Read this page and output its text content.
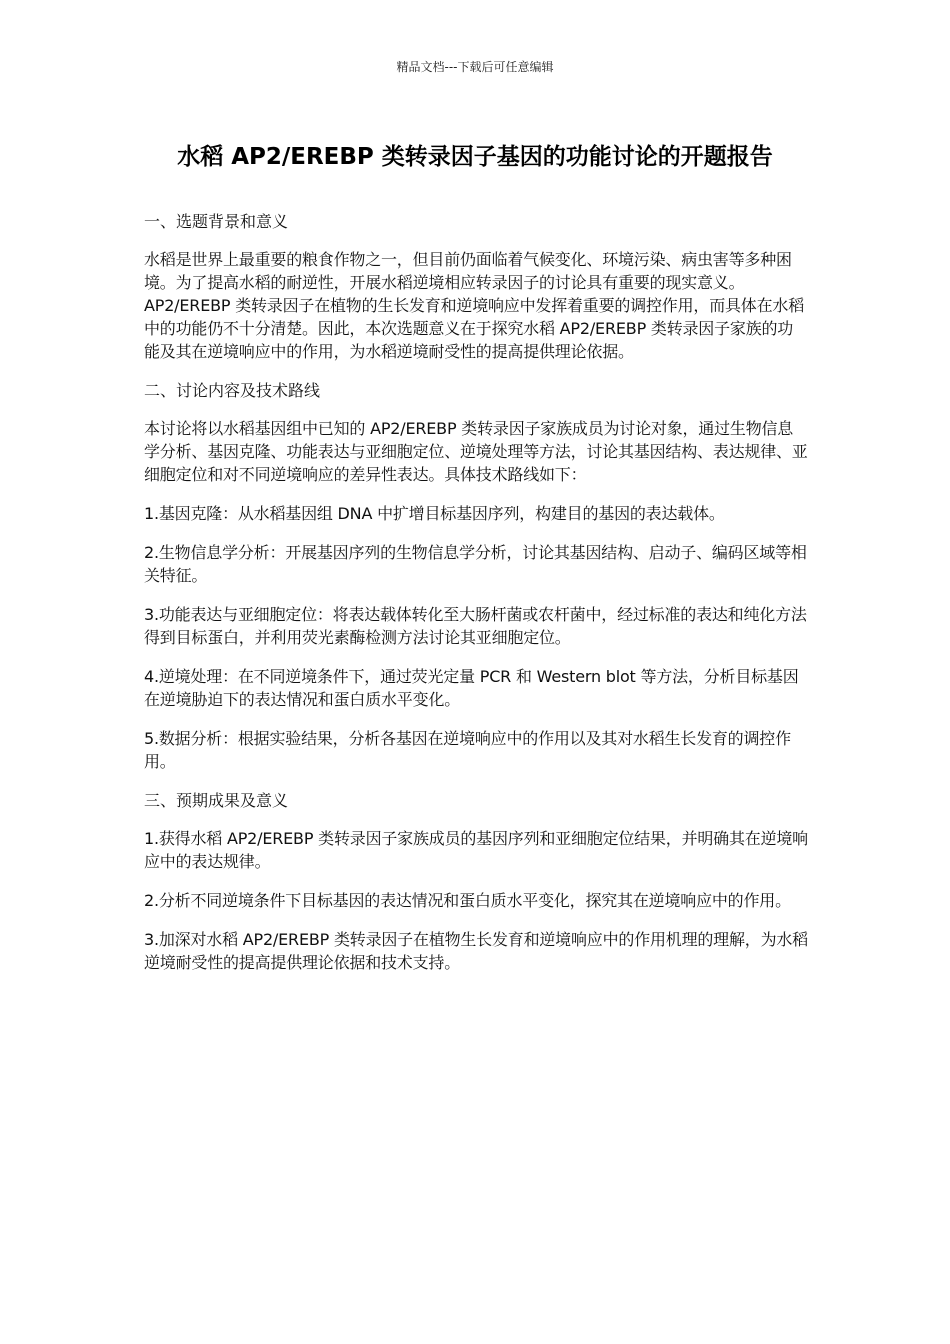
精品文档---下载后可任意编辑
水稻 AP2/EREBP 类转录因子基因的功能讨论的开题报告
一、选题背景和意义

水稻是世界上最重要的粮食作物之一，但目前仍面临着气候变化、环境污染、病虫害等多种困境。为了提高水稻的耐逆性，开展水稻逆境相应转录因子的讨论具有重要的现实意义。AP2/EREBP 类转录因子在植物的生长发育和逆境响应中发挥着重要的调控作用，而具体在水稻中的功能仍不十分清楚。因此，本次选题意义在于探究水稻 AP2/EREBP 类转录因子家族的功能及其在逆境响应中的作用，为水稻逆境耐受性的提高提供理论依据。

二、讨论内容及技术路线

本讨论将以水稻基因组中已知的 AP2/EREBP 类转录因子家族成员为讨论对象，通过生物信息学分析、基因克隆、功能表达与亚细胞定位、逆境处理等方法，讨论其基因结构、表达规律、亚细胞定位和对不同逆境响应的差异性表达。具体技术路线如下：

1.基因克隆：从水稻基因组 DNA 中扩增目标基因序列，构建目的基因的表达载体。

2.生物信息学分析：开展基因序列的生物信息学分析，讨论其基因结构、启动子、编码区域等相关特征。

3.功能表达与亚细胞定位：将表达载体转化至大肠杆菌或农杆菌中，经过标准的表达和纯化方法得到目标蛋白，并利用荧光素酶检测方法讨论其亚细胞定位。

4.逆境处理：在不同逆境条件下，通过荧光定量 PCR 和 Western blot 等方法，分析目标基因在逆境胁迫下的表达情况和蛋白质水平变化。

5.数据分析：根据实验结果，分析各基因在逆境响应中的作用以及其对水稻生长发育的调控作用。

三、预期成果及意义

1.获得水稻 AP2/EREBP 类转录因子家族成员的基因序列和亚细胞定位结果，并明确其在逆境响应中的表达规律。

2.分析不同逆境条件下目标基因的表达情况和蛋白质水平变化，探究其在逆境响应中的作用。

3.加深对水稻 AP2/EREBP 类转录因子在植物生长发育和逆境响应中的作用机理的理解，为水稻逆境耐受性的提高提供理论依据和技术支持。
